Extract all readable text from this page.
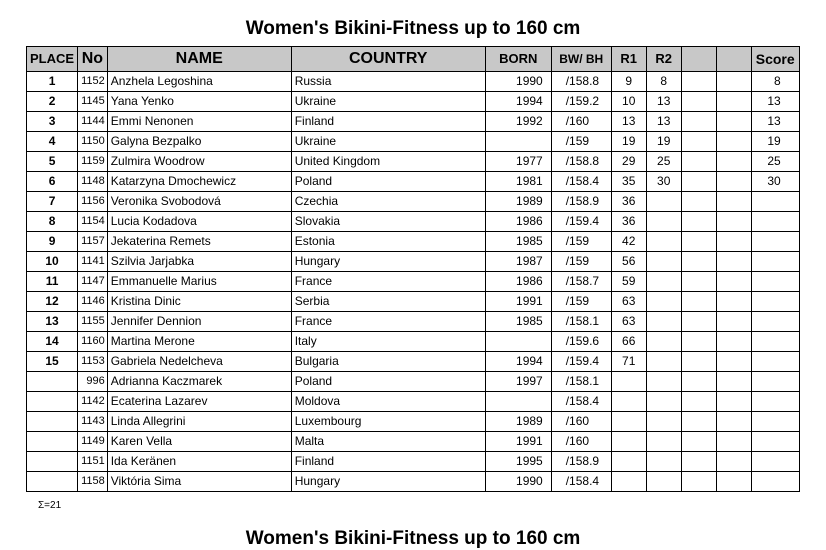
Women's Bikini-Fitness up to 160 cm
PLACE	No	NAME	COUNTRY	BORN	BW/ BH	R1	R2			Score
1	1152	Anzhela Legoshina	Russia	1990	/158.8	9	8			8
2	1145	Yana Yenko	Ukraine	1994	/159.2	10	13			13
3	1144	Emmi Nenonen	Finland	1992	/160	13	13			13
4	1150	Galyna Bezpalko	Ukraine		/159	19	19			19
5	1159	Zulmira Woodrow	United Kingdom	1977	/158.8	29	25			25
6	1148	Katarzyna Dmochewicz	Poland	1981	/158.4	35	30			30
7	1156	Veronika Svobodová	Czechia	1989	/158.9	36				
8	1154	Lucia Kodadova	Slovakia	1986	/159.4	36				
9	1157	Jekaterina Remets	Estonia	1985	/159	42				
10	1141	Szilvia Jarjabka	Hungary	1987	/159	56				
11	1147	Emmanuelle Marius	France	1986	/158.7	59				
12	1146	Kristina Dinic	Serbia	1991	/159	63				
13	1155	Jennifer Dennion	France	1985	/158.1	63				
14	1160	Martina Merone	Italy		/159.6	66				
15	1153	Gabriela Nedelcheva	Bulgaria	1994	/159.4	71				
	996	Adrianna Kaczmarek	Poland	1997	/158.1					
	1142	Ecaterina Lazarev	Moldova		/158.4					
	1143	Linda Allegrini	Luxembourg	1989	/160					
	1149	Karen Vella	Malta	1991	/160					
	1151	Ida Keränen	Finland	1995	/158.9					
	1158	Viktória Sima	Hungary	1990	/158.4					
Σ=21
Women's Bikini-Fitness up to 160 cm
